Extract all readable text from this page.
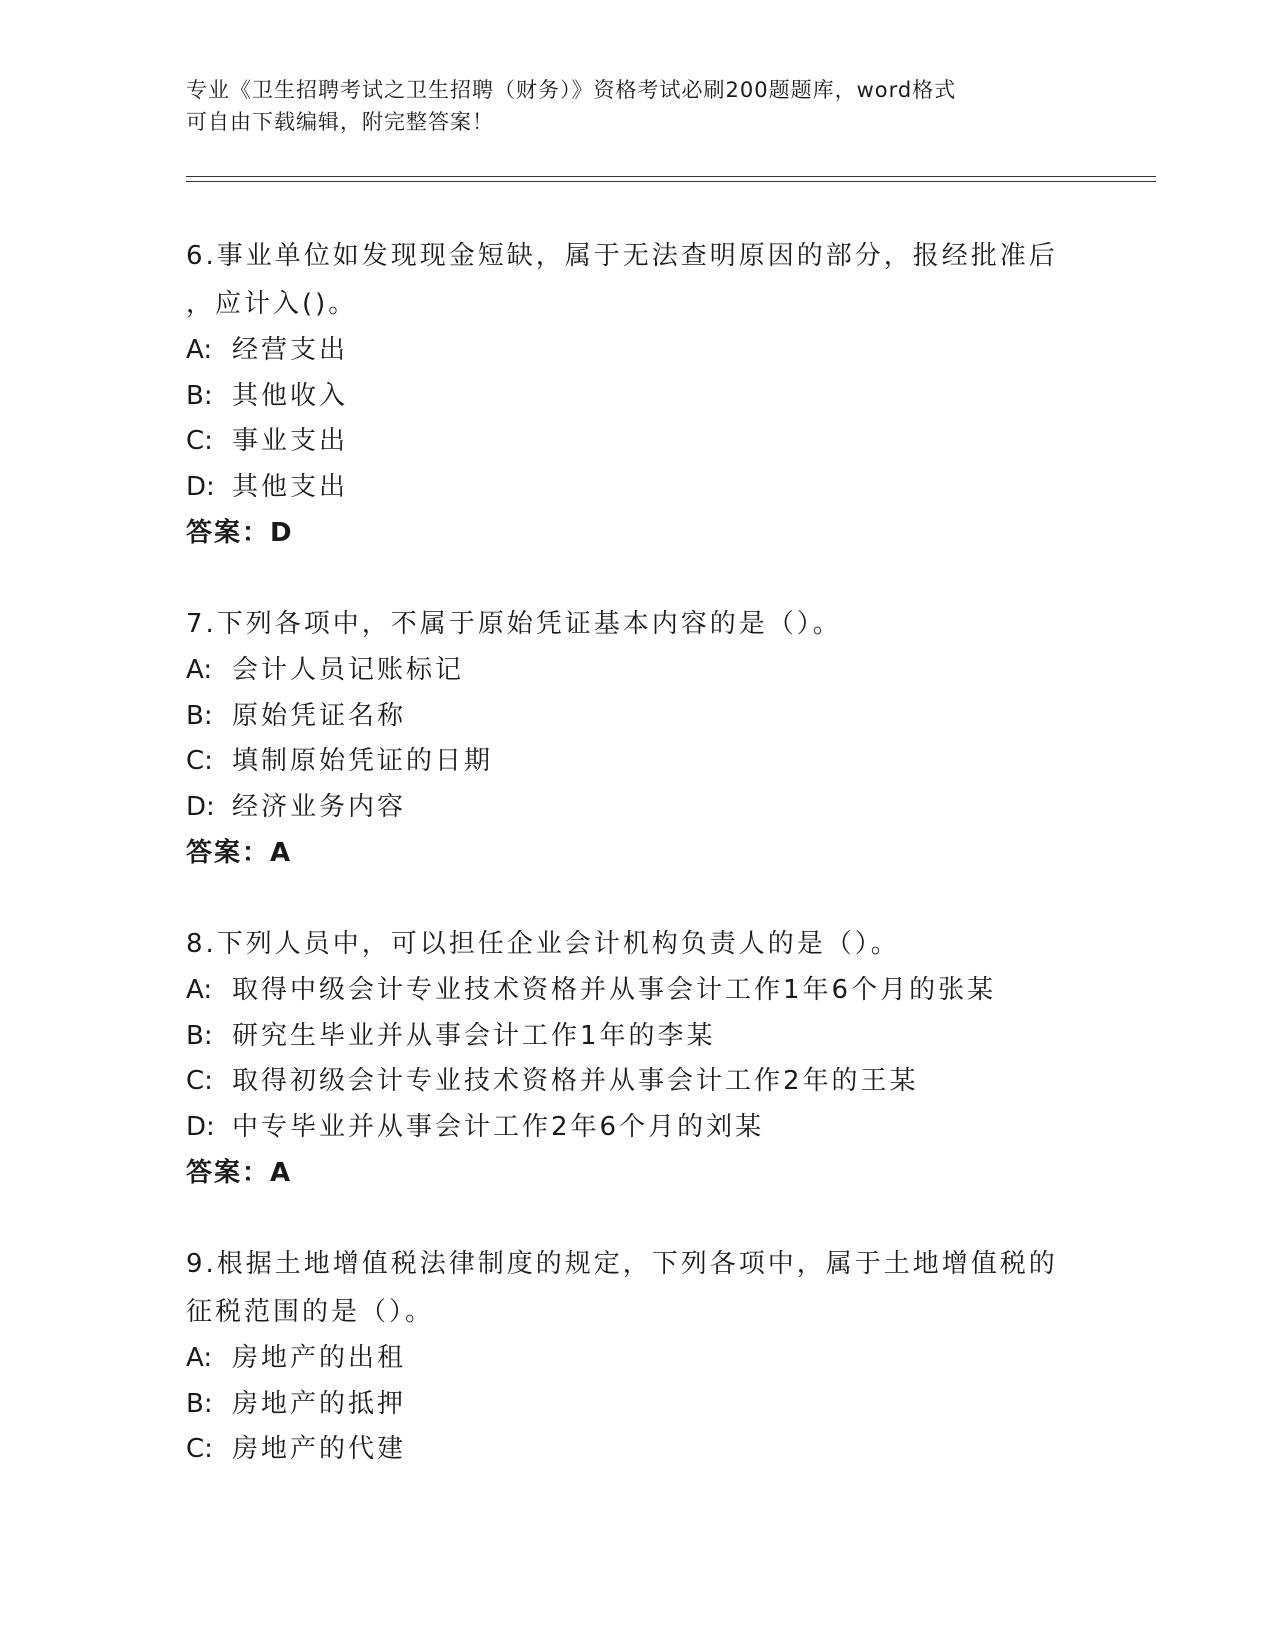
专业《卫生招聘考试之卫生招聘（财务）》资格考试必刷200题题库，word格式
可自由下载编辑，附完整答案！
6.事业单位如发现现金短缺，属于无法查明原因的部分，报经批准后
，应计入()。
A: 经营支出
B: 其他收入
C: 事业支出
D: 其他支出
答案：D
7.下列各项中，不属于原始凭证基本内容的是（）。
A: 会计人员记账标记
B: 原始凭证名称
C: 填制原始凭证的日期
D: 经济业务内容
答案：A
8.下列人员中，可以担任企业会计机构负责人的是（）。
A: 取得中级会计专业技术资格并从事会计工作1年6个月的张某
B: 研究生毕业并从事会计工作1年的李某
C: 取得初级会计专业技术资格并从事会计工作2年的王某
D: 中专毕业并从事会计工作2年6个月的刘某
答案：A
9.根据土地增值税法律制度的规定，下列各项中，属于土地增值税的
征税范围的是（）。
A: 房地产的出租
B: 房地产的抵押
C: 房地产的代建
